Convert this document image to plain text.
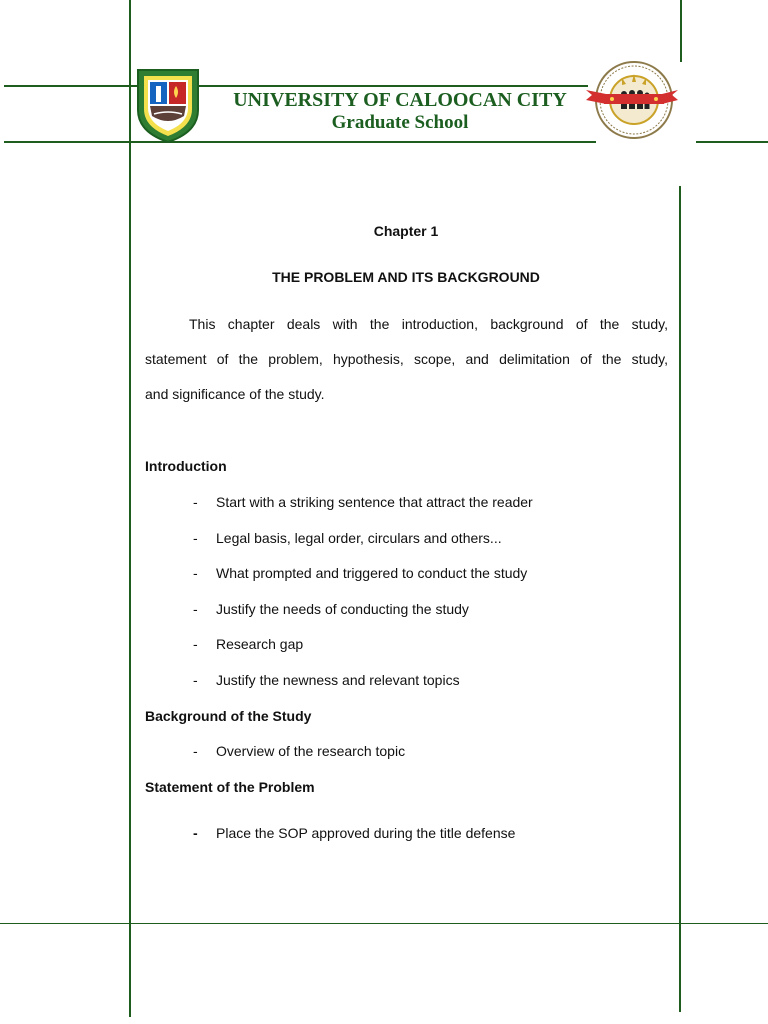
UNIVERSITY OF CALOOCAN CITY
Graduate School
Chapter 1
THE PROBLEM AND ITS BACKGROUND
This chapter deals with the introduction, background of the study,
statement of the problem, hypothesis, scope, and delimitation of the study,
and significance of the study.
Introduction
- Start with a striking sentence that attract the reader
- Legal basis, legal order, circulars and others...
- What prompted and triggered to conduct the study
- Justify the needs of conducting the study
- Research gap
- Justify the newness and relevant topics
Background of the Study
- Overview of the research topic
Statement of the Problem
- Place the SOP approved during the title defense
